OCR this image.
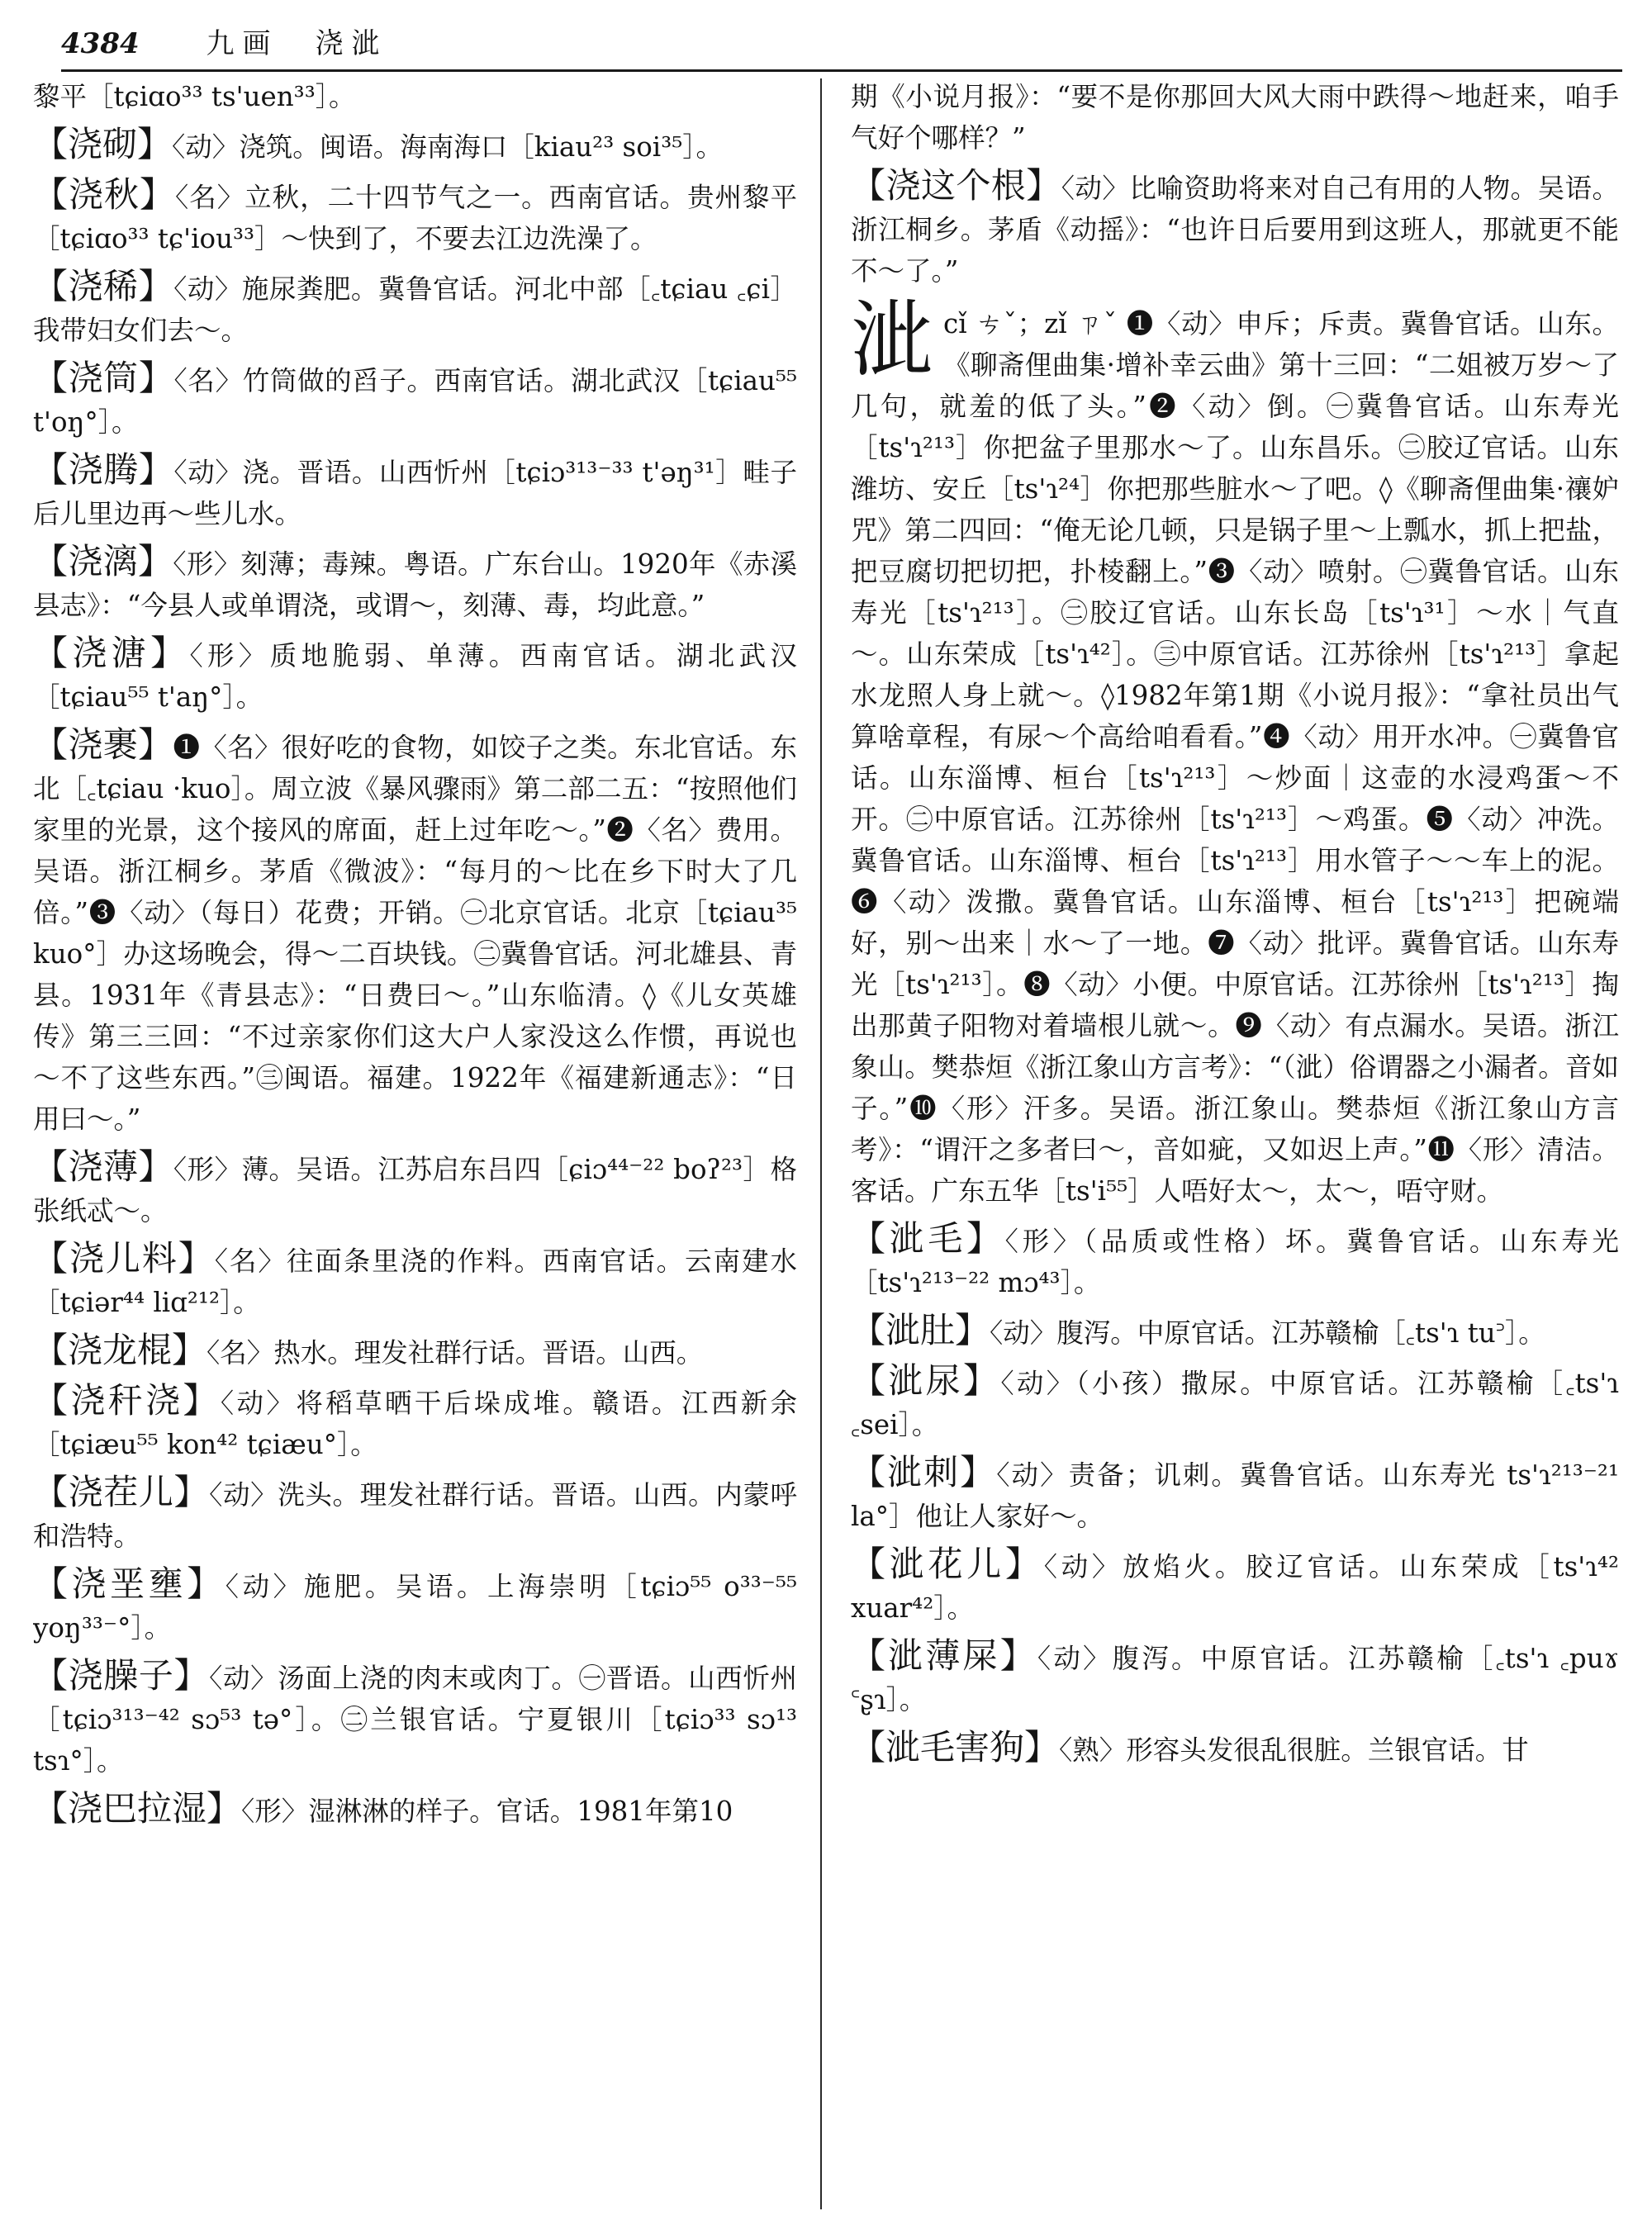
4384 九画　浇泚

黎平［tɕiɑo³³ ts'uen³³］。

【浇砌】〈动〉浇筑。闽语。海南海口［kiau²³ soi³⁵］。

【浇秋】〈名〉立秋，二十四节气之一。西南官话。贵州黎平［tɕiɑo³³ tɕ'iou³³］～快到了，不要去江边洗澡了。

【浇稀】〈动〉施尿粪肥。冀鲁官话。河北中部［꜀tɕiau ꜀ɕi］我带妇女们去～。

【浇筒】〈名〉竹筒做的舀子。西南官话。湖北武汉［tɕiau⁵⁵ t'oŋ°］。

【浇腾】〈动〉浇。晋语。山西忻州［tɕiɔ³¹³⁻³³ t'əŋ³¹］畦子后儿里边再～些儿水。

【浇漓】〈形〉刻薄；毒辣。粤语。广东台山。1920年《赤溪县志》：“今县人或单谓浇，或谓～，刻薄、毒，均此意。”

【浇溏】〈形〉质地脆弱、单薄。西南官话。湖北武汉［tɕiau⁵⁵ t'aŋ°］。

【浇裹】❶〈名〉很好吃的食物，如饺子之类。东北官话。东北［꜀tɕiau ·kuo］。周立波《暴风骤雨》第二部二五：“按照他们家里的光景，这个接风的席面，赶上过年吃～。”❷〈名〉费用。吴语。浙江桐乡。茅盾《微波》：“每月的～比在乡下时大了几倍。”❸〈动〉（每日）花费；开销。㊀北京官话。北京［tɕiau³⁵ kuo°］办这场晚会，得～二百块钱。㊁冀鲁官话。河北雄县、青县。1931年《青县志》：“日费曰～。”山东临清。◊《儿女英雄传》第三三回：“不过亲家你们这大户人家没这么作惯，再说也～不了这些东西。”㊂闽语。福建。1922年《福建新通志》：“日用曰～。”

【浇薄】〈形〉薄。吴语。江苏启东吕四［ɕiɔ⁴⁴⁻²² boʔ²³］格张纸忒～。

【浇儿料】〈名〉往面条里浇的作料。西南官话。云南建水［tɕiər⁴⁴ liɑ²¹²］。

【浇龙棍】〈名〉热水。理发社群行话。晋语。山西。

【浇秆浇】〈动〉将稻草晒干后垛成堆。赣语。江西新余［tɕiæu⁵⁵ kon⁴² tɕiæu°］。

【浇茬儿】〈动〉洗头。理发社群行话。晋语。山西。内蒙呼和浩特。

【浇垩壅】〈动〉施肥。吴语。上海崇明［tɕiɔ⁵⁵ o³³⁻⁵⁵ yoŋ³³⁻°］。

【浇臊子】〈动〉汤面上浇的肉末或肉丁。㊀晋语。山西忻州［tɕiɔ³¹³⁻⁴² sɔ⁵³ tə°］。㊁兰银官话。宁夏银川［tɕiɔ³³ sɔ¹³ tsɿ°］。

【浇巴拉湿】〈形〉湿淋淋的样子。官话。1981年第10

期《小说月报》：“要不是你那回大风大雨中跌得～地赶来，咱手气好个哪样？”

【浇这个根】〈动〉比喻资助将来对自己有用的人物。吴语。浙江桐乡。茅盾《动摇》：“也许日后要用到这班人，那就更不能不～了。”

泚cǐ ㄘˇ；zǐ ㄗˇ ❶〈动〉申斥；斥责。冀鲁官话。山东。《聊斋俚曲集·增补幸云曲》第十三回：“二姐被万岁～了几句，就羞的低了头。”❷〈动〉倒。㊀冀鲁官话。山东寿光［ts'ɿ²¹³］你把盆子里那水～了。山东昌乐。㊁胶辽官话。山东潍坊、安丘［ts'ɿ²⁴］你把那些脏水～了吧。◊《聊斋俚曲集·禳妒咒》第二四回：“俺无论几顿，只是锅子里～上瓢水，抓上把盐，把豆腐切把切把，扑棱翻上。”❸〈动〉喷射。㊀冀鲁官话。山东寿光［ts'ɿ²¹³］。㊁胶辽官话。山东长岛［ts'ɿ³¹］～水｜气直～。山东荣成［ts'ɿ⁴²］。㊂中原官话。江苏徐州［ts'ɿ²¹³］拿起水龙照人身上就～。◊1982年第1期《小说月报》：“拿社员出气算啥章程，有尿～个高给咱看看。”❹〈动〉用开水冲。㊀冀鲁官话。山东淄博、桓台［ts'ɿ²¹³］～炒面｜这壶的水浸鸡蛋～不开。㊁中原官话。江苏徐州［ts'ɿ²¹³］～鸡蛋。❺〈动〉冲洗。冀鲁官话。山东淄博、桓台［ts'ɿ²¹³］用水管子～～车上的泥。❻〈动〉泼撒。冀鲁官话。山东淄博、桓台［ts'ɿ²¹³］把碗端好，别～出来｜水～了一地。❼〈动〉批评。冀鲁官话。山东寿光［ts'ɿ²¹³］。❽〈动〉小便。中原官话。江苏徐州［ts'ɿ²¹³］掏出那黄子阳物对着墙根儿就～。❾〈动〉有点漏水。吴语。浙江象山。樊恭烜《浙江象山方言考》：“（泚）俗谓器之小漏者。音如子。”❿〈形〉汗多。吴语。浙江象山。樊恭烜《浙江象山方言考》：“谓汗之多者曰～，音如疵，又如迟上声。”⓫〈形〉清洁。客话。广东五华［ts'i⁵⁵］人唔好太～，太～，唔守财。

【泚毛】〈形〉（品质或性格）坏。冀鲁官话。山东寿光［ts'ɿ²¹³⁻²² mɔ⁴³］。

【泚肚】〈动〉腹泻。中原官话。江苏赣榆［꜀ts'ɿ tu꜄］。

【泚尿】〈动〉（小孩）撒尿。中原官话。江苏赣榆［꜀ts'ɿ ꜀sei］。

【泚刺】〈动〉责备；讥刺。冀鲁官话。山东寿光 ts'ɿ²¹³⁻²¹ la°］他让人家好～。

【泚花儿】〈动〉放焰火。胶辽官话。山东荣成［ts'ɿ⁴² xuar⁴²］。

【泚薄屎】〈动〉腹泻。中原官话。江苏赣榆［꜀ts'ɿ ꜀puɤ ꜂ʂɿ］。

【泚毛害狗】〈熟〉形容头发很乱很脏。兰银官话。甘
